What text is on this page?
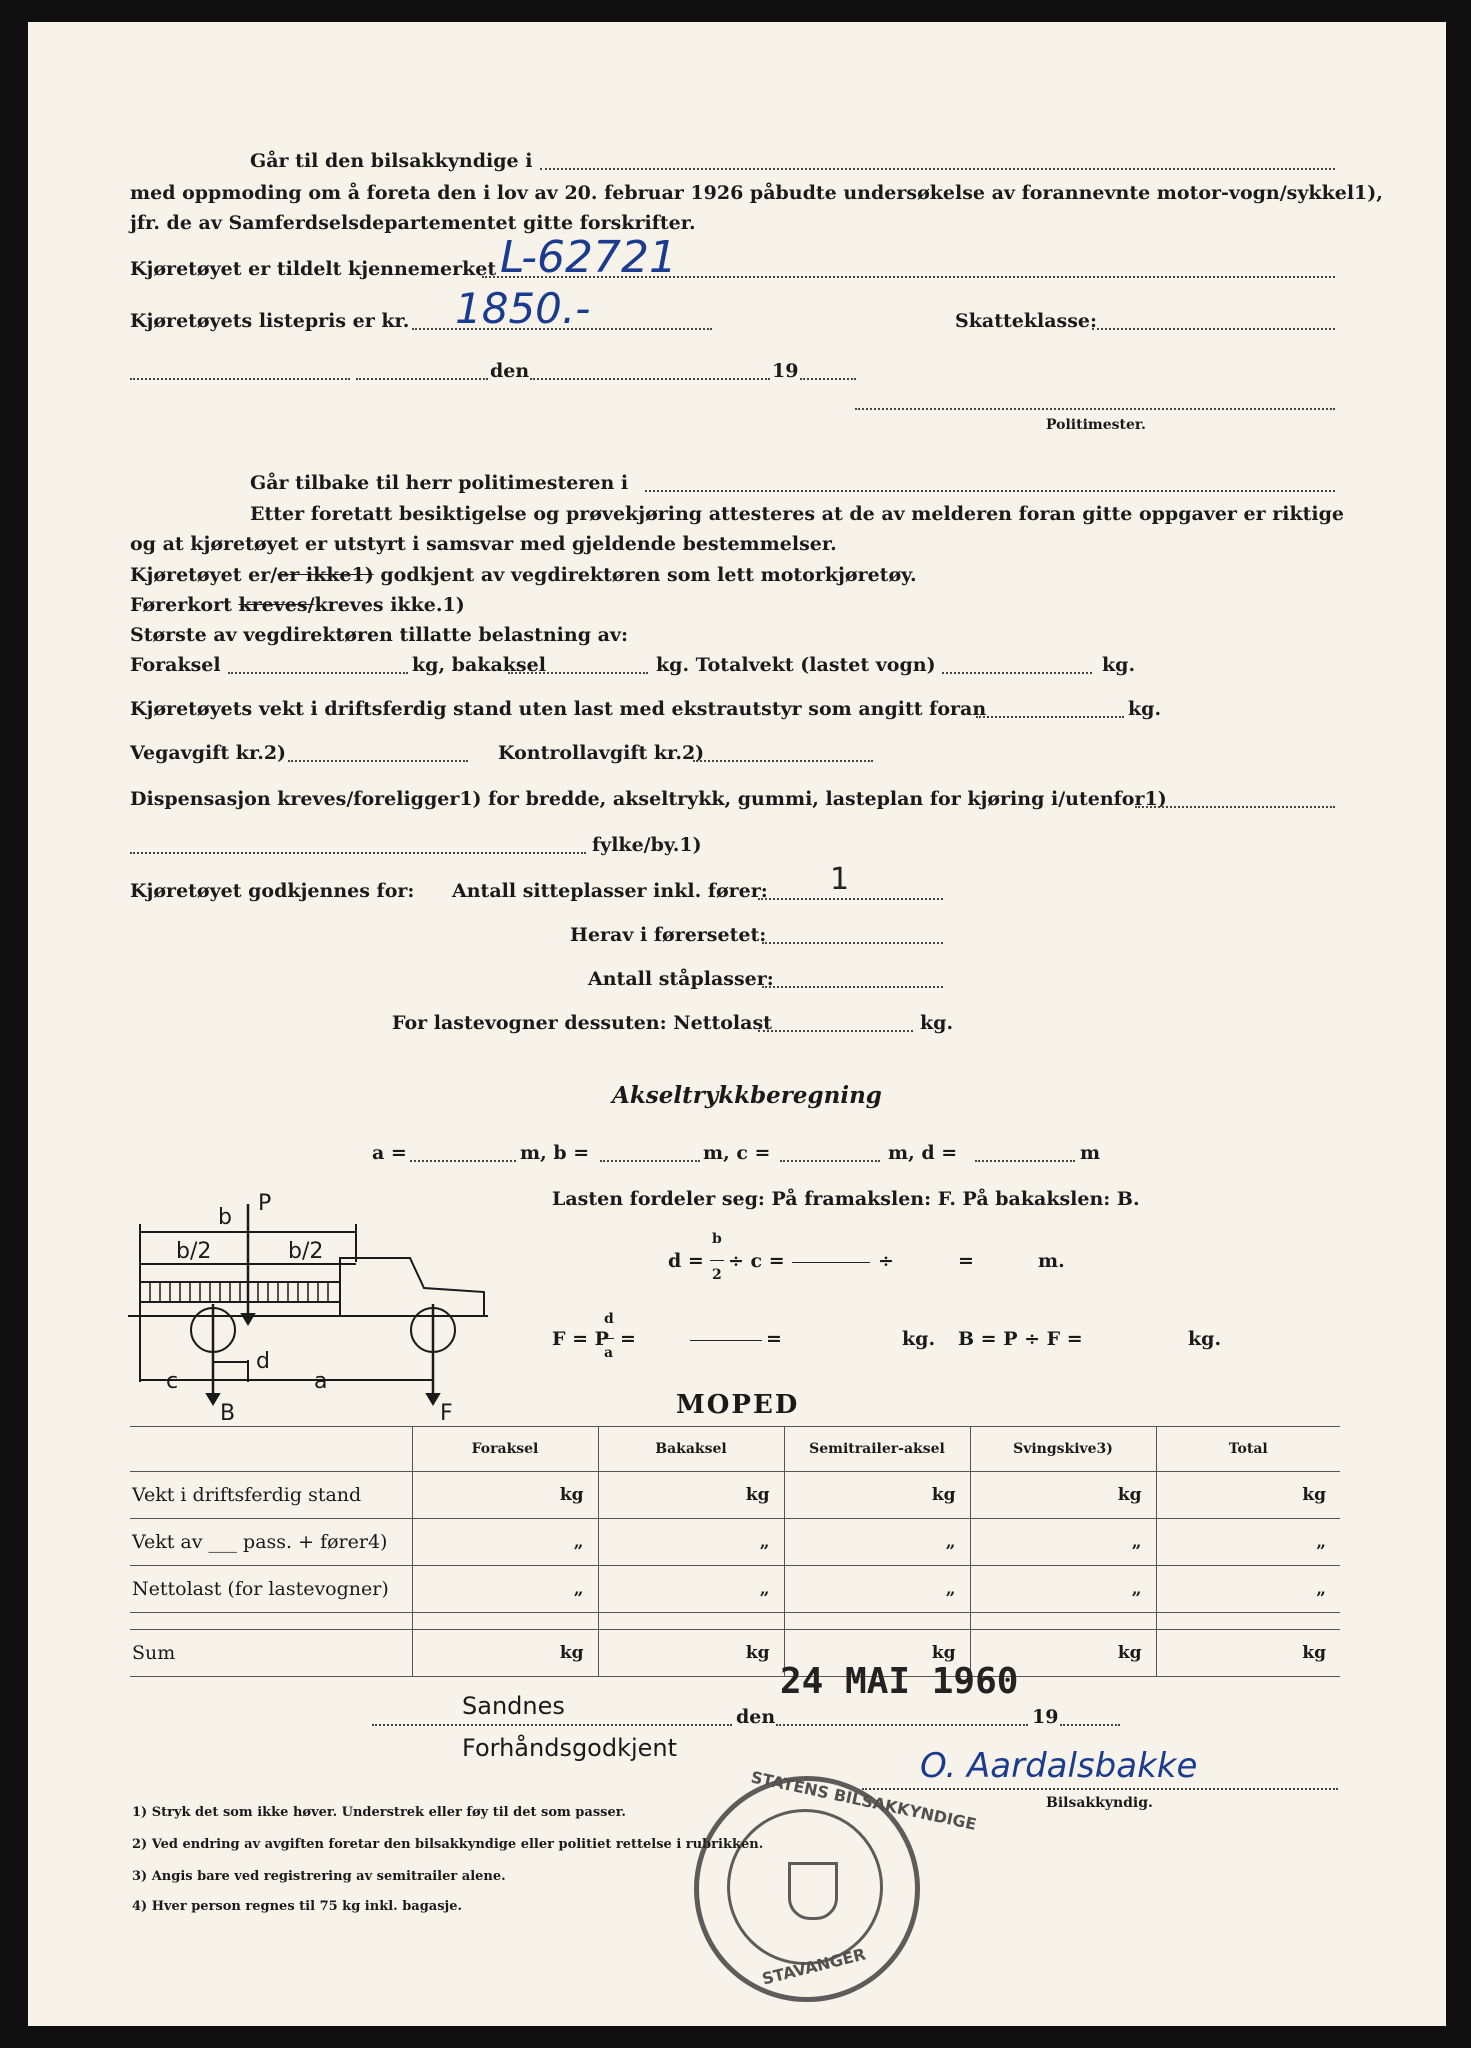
Går til den bilsakkyndige i
med oppmoding om å foreta den i lov av 20. februar 1926 påbudte undersøkelse av forannevnte motor-vogn/sykkel1),
jfr. de av Samferdselsdepartementet gitte forskrifter.
Kjøretøyet er tildelt kjennemerket L-62721
Kjøretøyets listepris er kr. 1850.-	Skatteklasse:
den	19
Politimester.
Går tilbake til herr politimesteren i
Etter foretatt besiktigelse og prøvekjøring attesteres at de av melderen foran gitte oppgaver er riktige
og at kjøretøyet er utstyrt i samsvar med gjeldende bestemmelser.
Kjøretøyet er/er ikke1) godkjent av vegdirektøren som lett motorkjøretøy.
Førerkort kreves/kreves ikke.1)
Største av vegdirektøren tillatte belastning av:
Foraksel	kg, bakaksel	kg. Totalvekt (lastet vogn)	kg.
Kjøretøyets vekt i driftsferdig stand uten last med ekstrautstyr som angitt foran	kg.
Vegavgift kr.2)	Kontrollavgift kr.2)
Dispensasjon kreves/foreligger1) for bredde, akseltrykk, gummi, lasteplan for kjøring i/utenfor1)
fylke/by.1)
Kjøretøyet godkjennes for: Antall sitteplasser inkl. fører: 1
Herav i førersetet:
Antall ståplasser:
For lastevogner dessuten: Nettolast	kg.
Akseltrykkberegning
a =	m, b =	m, c =	m, d =	m
Lasten fordeler seg: På framakslen: F. På bakakslen: B.
d =
b
2
÷ c =	÷	=	m.
F = P
d
a
=	=	kg. B = P ÷ F =	kg.
b
P
b/2	b/2
c
d
a
B	F	MOPED
	Foraksel	Bakaksel	Semitrailer-aksel	Svingskive3)	Total
Vekt i driftsferdig stand	kg	kg	kg	kg	kg
Vekt av ___ pass. + fører4)	„	„	„	„	„
Nettolast (for lastevogner)	„	„	„	„	„

Sum	kg	kg	kg	kg	kg
Sandnes	den
24 MAI 1960
19
Forhåndsgodkjent	O. Aardalsbakke
Bilsakkyndig.
1) Stryk det som ikke høver. Understrek eller føy til det som passer.
2) Ved endring av avgiften foretar den bilsakkyndige eller politiet rettelse i rubrikken.
3) Angis bare ved registrering av semitrailer alene.
4) Hver person regnes til 75 kg inkl. bagasje.
STATENS BILSAKKYNDIGE
STAVANGER
